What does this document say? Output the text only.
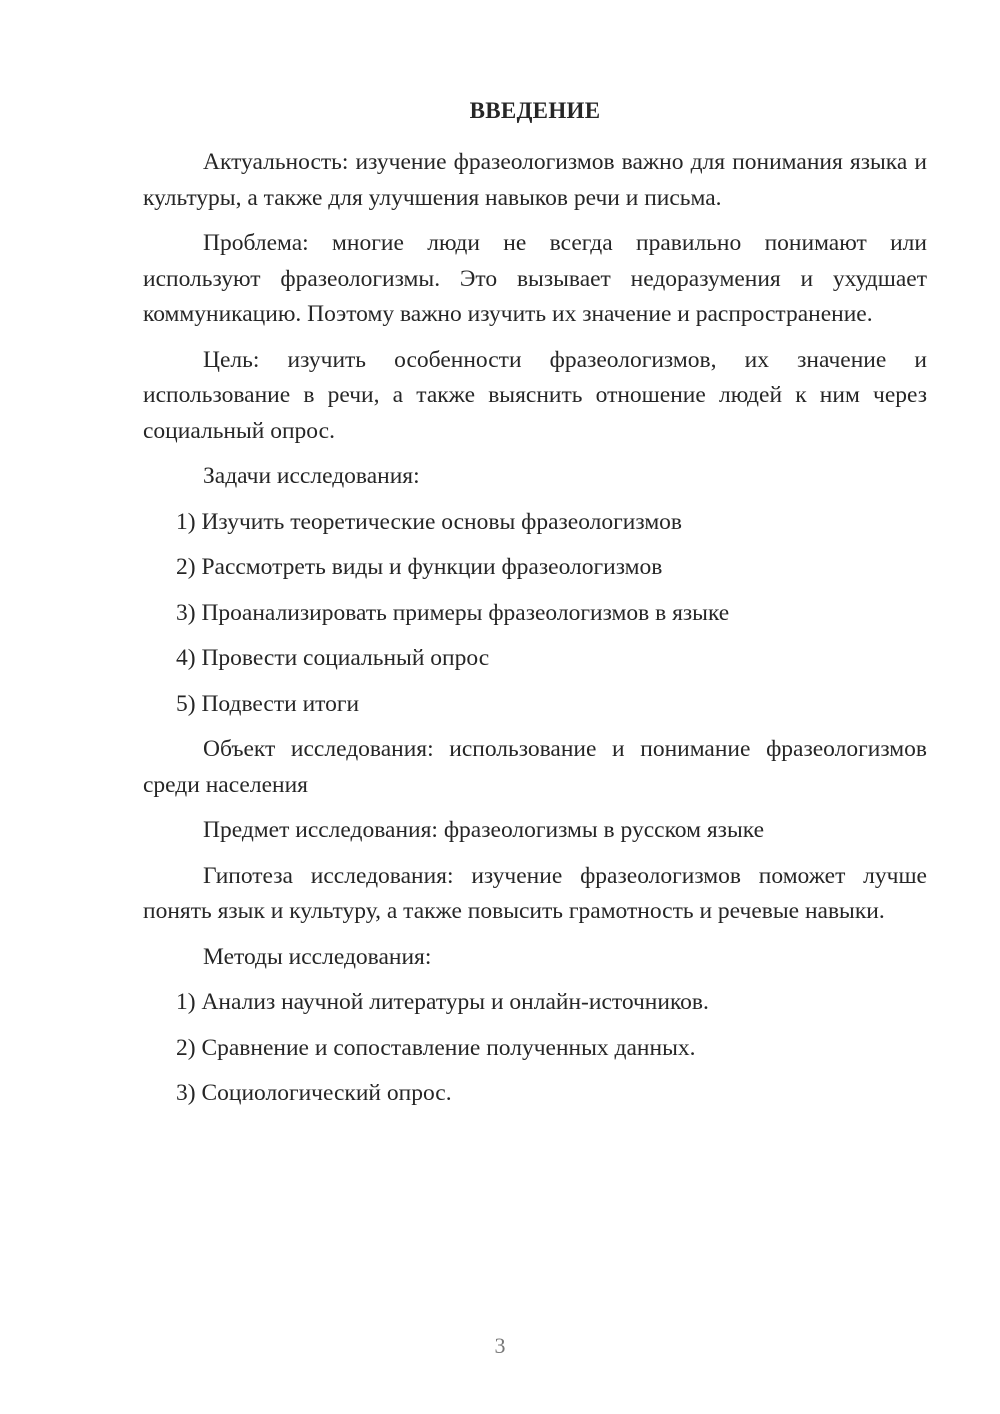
ВВЕДЕНИЕ

Актуальность: изучение фразеологизмов важно для понимания языка и культуры, а также для улучшения навыков речи и письма.

Проблема: многие люди не всегда правильно понимают или используют фразеологизмы. Это вызывает недоразумения и ухудшает коммуникацию. Поэтому важно изучить их значение и распространение.

Цель: изучить особенности фразеологизмов, их значение и использование в речи, а также выяснить отношение людей к ним через социальный опрос.

Задачи исследования:

1) Изучить теоретические основы фразеологизмов

2) Рассмотреть виды и функции фразеологизмов

3) Проанализировать примеры фразеологизмов в языке

4) Провести социальный опрос

5) Подвести итоги

Объект исследования: использование и понимание фразеологизмов среди населения

Предмет исследования: фразеологизмы в русском языке

Гипотеза исследования: изучение фразеологизмов поможет лучше понять язык и культуру, а также повысить грамотность и речевые навыки.

Методы исследования:

1) Анализ научной литературы и онлайн-источников.

2) Сравнение и сопоставление полученных данных.

3) Социологический опрос.

3
